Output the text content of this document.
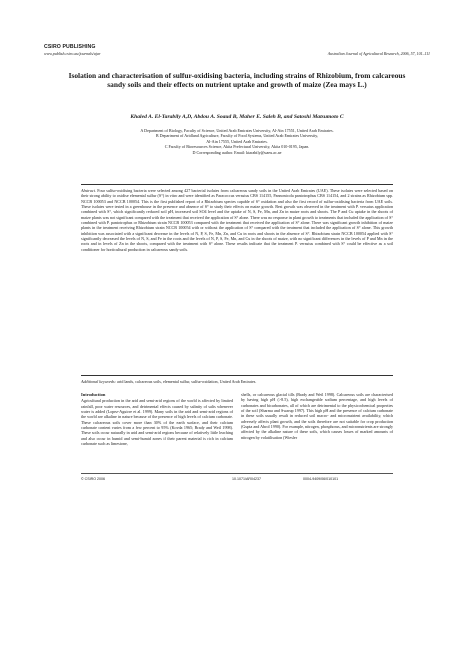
CSIRO PUBLISHING
www.publish.csiro.au/journals/ajar	Australian Journal of Agricultural Research, 2006, 57, 101–111
Isolation and characterisation of sulfur-oxidising bacteria, including strains of Rhizobium, from calcareous sandy soils and their effects on nutrient uptake and growth of maize (Zea mays L.)
Khaled A. El-Tarabily A,D, Abdou A. Soaud B, Maher E. Saleh B, and Satoshi Matsumoto C

A Department of Biology, Faculty of Science, United Arab Emirates University, Al-Ain 17551, United Arab Emirates.

B Department of Aridland Agriculture, Faculty of Food Systems, United Arab Emirates University,

Al-Ain 17555, United Arab Emirates.

C Faculty of Bioresources Science, Akita Prefectural University, Akita 010-0195, Japan.

D Corresponding author. Email: ktarabily@uaeu.ac.ae

Abstract. Four sulfur-oxidising bacteria were selected among 427 bacterial isolates from calcareous sandy soils in the United Arab Emirates (UAE). These isolates were selected based on their strong ability to oxidise elemental sulfur (S°) in vitro and were identified as Paracoccus versutus CBS 114155, Pannonicola pantotrophus CBS 114154, and 2 strains as Rhizobium spp. NCCB 100053 and NCCB 100054. This is the first published report of a Rhizobium species capable of S° oxidation and also the first record of sulfur-oxidising bacteria from UAE soils. These isolates were tested in a greenhouse in the presence and absence of S° to study their effects on maize growth. Best growth was observed in the treatment with P. versutus application combined with S°, which significantly reduced soil pH, increased soil SO4 level and the uptake of N, S, Fe, Mn, and Zn in maize roots and shoots. The P and Cu uptake in the shoots of maize plants was not significant compared with the treatment that received the application of S° alone. There was no response in plant growth to treatments that included the application of S° combined with P. pantotrophus or Rhizobium strain NCCB 100053 compared with the treatment that received the application of S° alone. There was significant growth inhibition of maize plants in the treatment receiving Rhizobium strain NCCB 100054 with or without the application of S° compared with the treatment that included the application of S° alone. This growth inhibition was associated with a significant decrease in the levels of N, P, S, Fe, Mn, Zn, and Cu in roots and shoots in the absence of S°. Rhizobium strain NCCB 100054 applied with S° significantly decreased the levels of N, S, and Fe in the roots and the levels of N, P, S, Fe, Mn, and Cu in the shoots of maize, with no significant differences in the levels of P and Mn in the roots and in levels of Zn in the shoots, compared with the treatment with S° alone. These results indicate that the treatment P. versutus combined with S° could be effective as a soil conditioner for horticultural production in calcareous sandy soils.
Additional keywords: arid lands, calcareous soils, elemental sulfur, sulfur-oxidation, United Arab Emirates.
Introduction

Agricultural production in the arid and semi-arid regions of the world is affected by limited rainfall, poor water resources, and detrimental effects caused by salinity of salts whenever water is added (Lopez-Aguirre et al. 1999). Many soils in the arid and semi-arid regions of the world are alkaline in nature because of the presence of high levels of calcium carbonate. These calcareous soils cover more than 30% of the earth surface, and their calcium carbonate content varies from a few percent to 95% (Kovda 1965; Brady and Weil 1998). These soils occur naturally in arid and semi-arid regions because of relatively little leaching and also occur in humid and semi-humid zones if their parent material is rich in calcium carbonate such as limestone,

shells, or calcareous glacial tills (Brady and Weil 1998). Calcareous soils are characterised by having high pH (>8.5), high exchangeable sodium percentage, and high levels of carbonates and bicarbonates, all of which are detrimental to the physicochemical properties of the soil (Sharma and Swarup 1997). This high pH and the presence of calcium carbonate in these soils usually result in reduced soil macro- and micronutrient availability, which adversely affects plant growth, and the soils therefore are not suitable for crop production (Gupta and Abrol 1990). For example, nitrogen, phosphorus, and micronutrients are strongly affected by the alkaline nature of these soils, which causes losses of marked amounts of nitrogen by volatilisation (Wiesler

© CSIRO 2006	10.1071/AR04237	0004-9409/06/010101
